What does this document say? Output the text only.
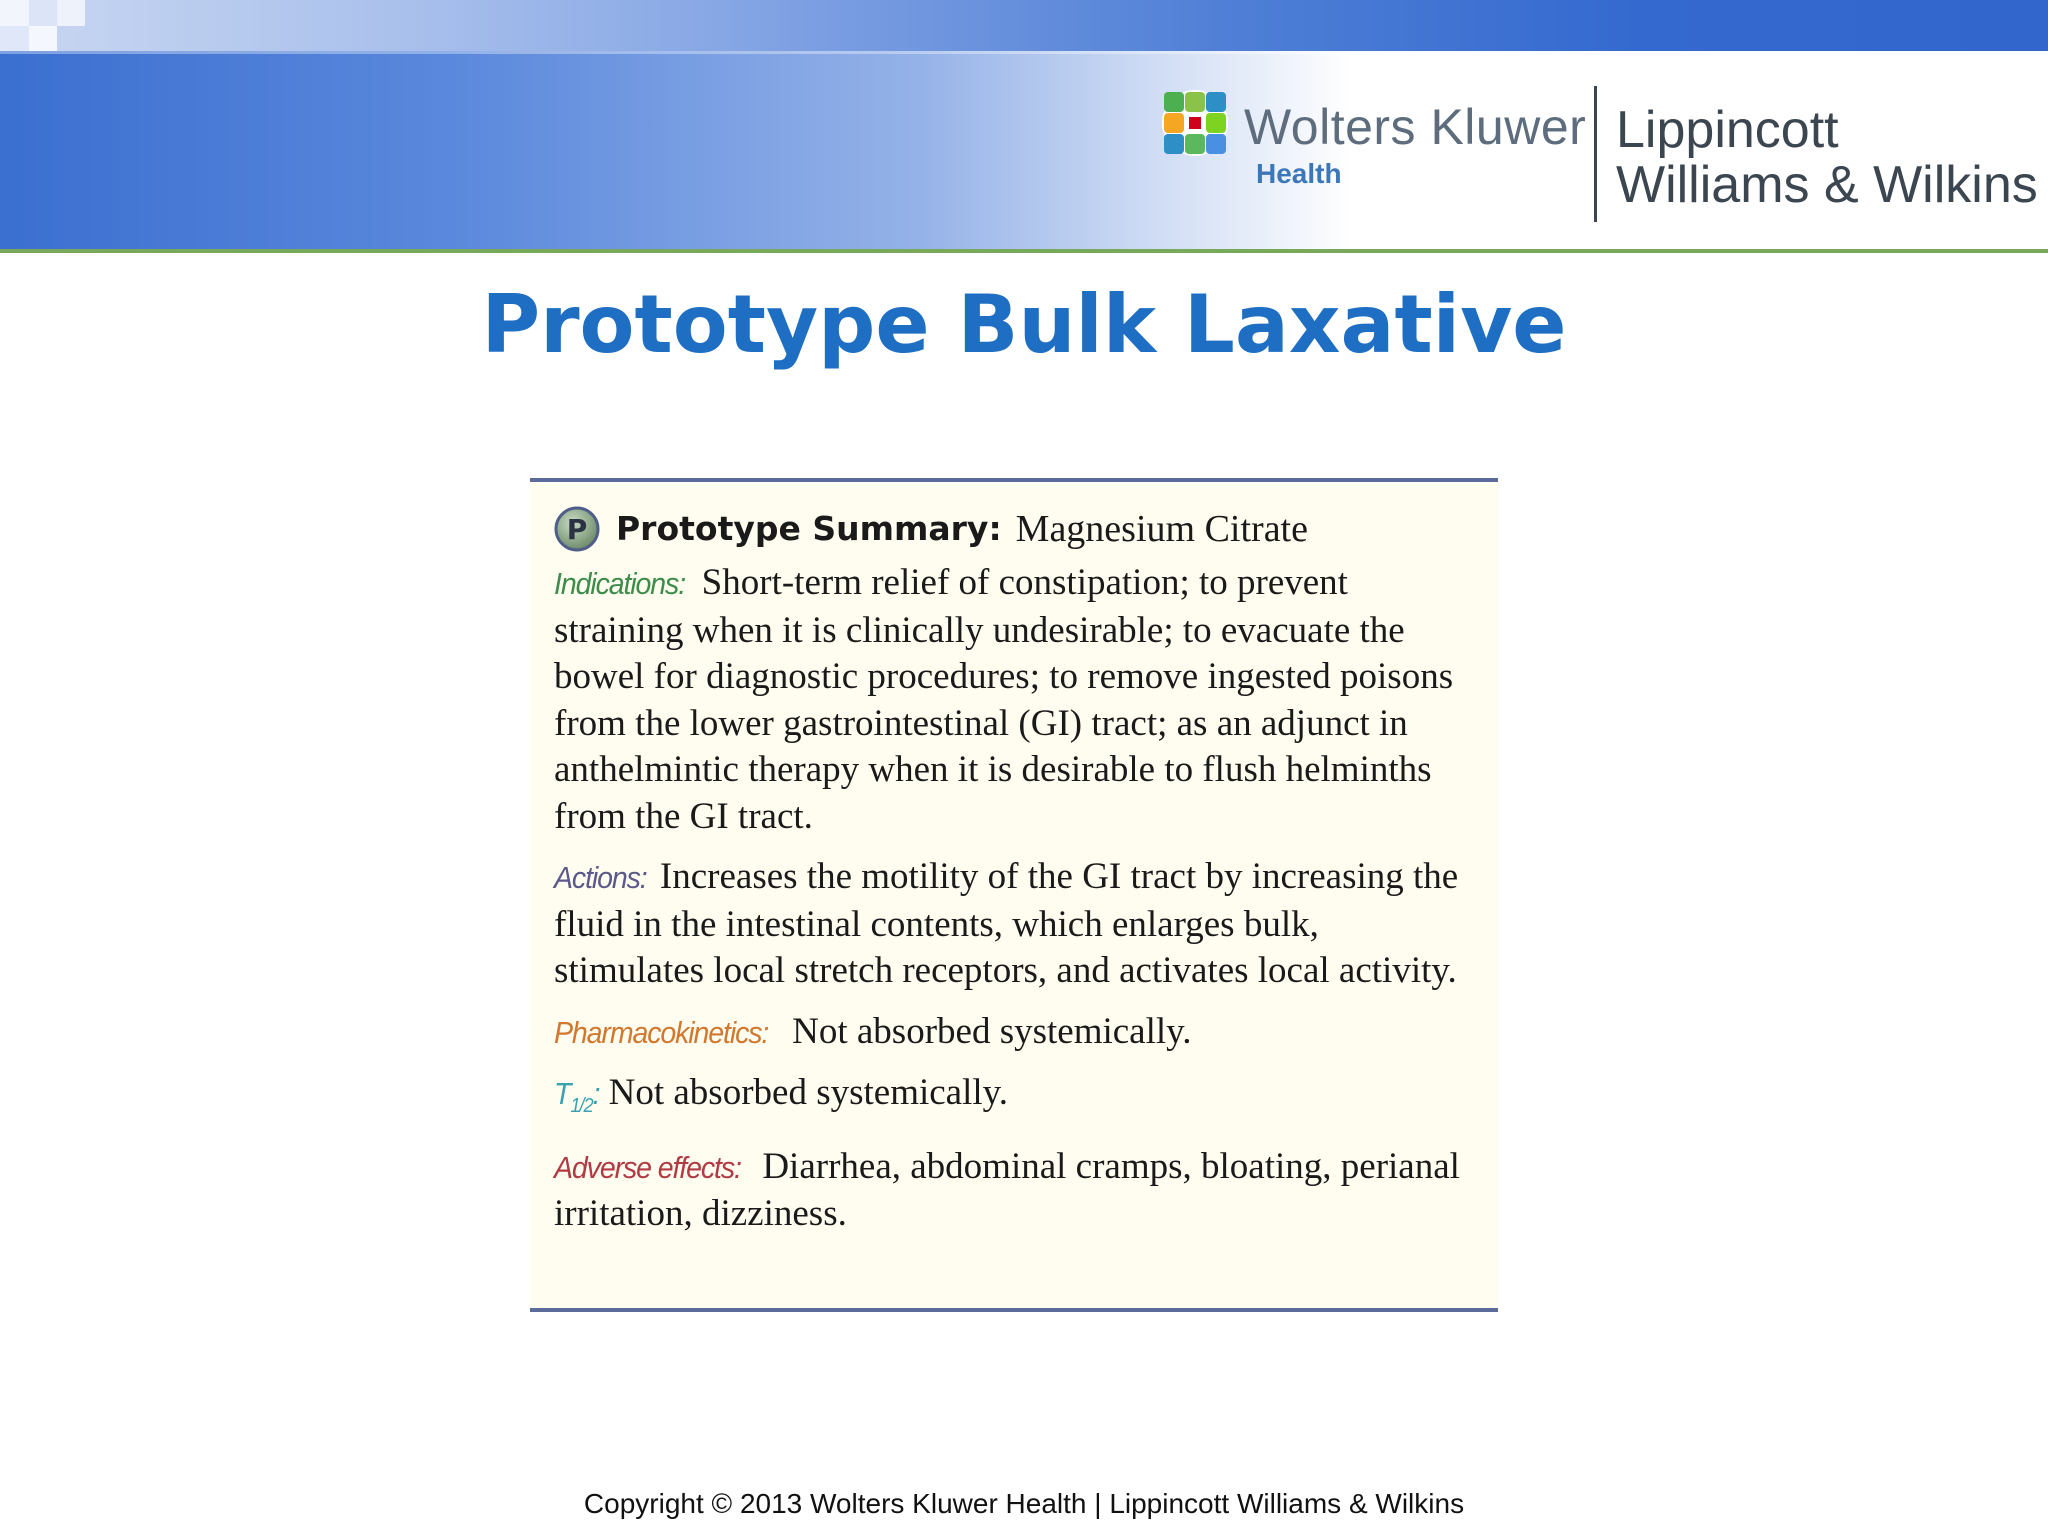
Wolters Kluwer
Health
Lippincott
Williams & Wilkins
Prototype Bulk Laxative
P Prototype Summary : Magnesium Citrate
Indications: Short-term relief of constipation; to prevent straining when it is clinically undesirable; to evacuate the bowel for diagnostic procedures; to remove ingested poisons from the lower gastrointestinal (GI) tract; as an adjunct in anthelmintic therapy when it is desirable to flush helminths from the GI tract.
Actions: Increases the motility of the GI tract by increasing the fluid in the intestinal contents, which enlarges bulk, stimulates local stretch receptors, and activates local activity.
Pharmacokinetics: Not absorbed systemically.
$T_{1/2}$: Not absorbed systemically.
Adverse effects: Diarrhea, abdominal cramps, bloating, perianal irritation, dizziness.
Copyright © 2013 Wolters Kluwer Health | Lippincott Williams & Wilkins
